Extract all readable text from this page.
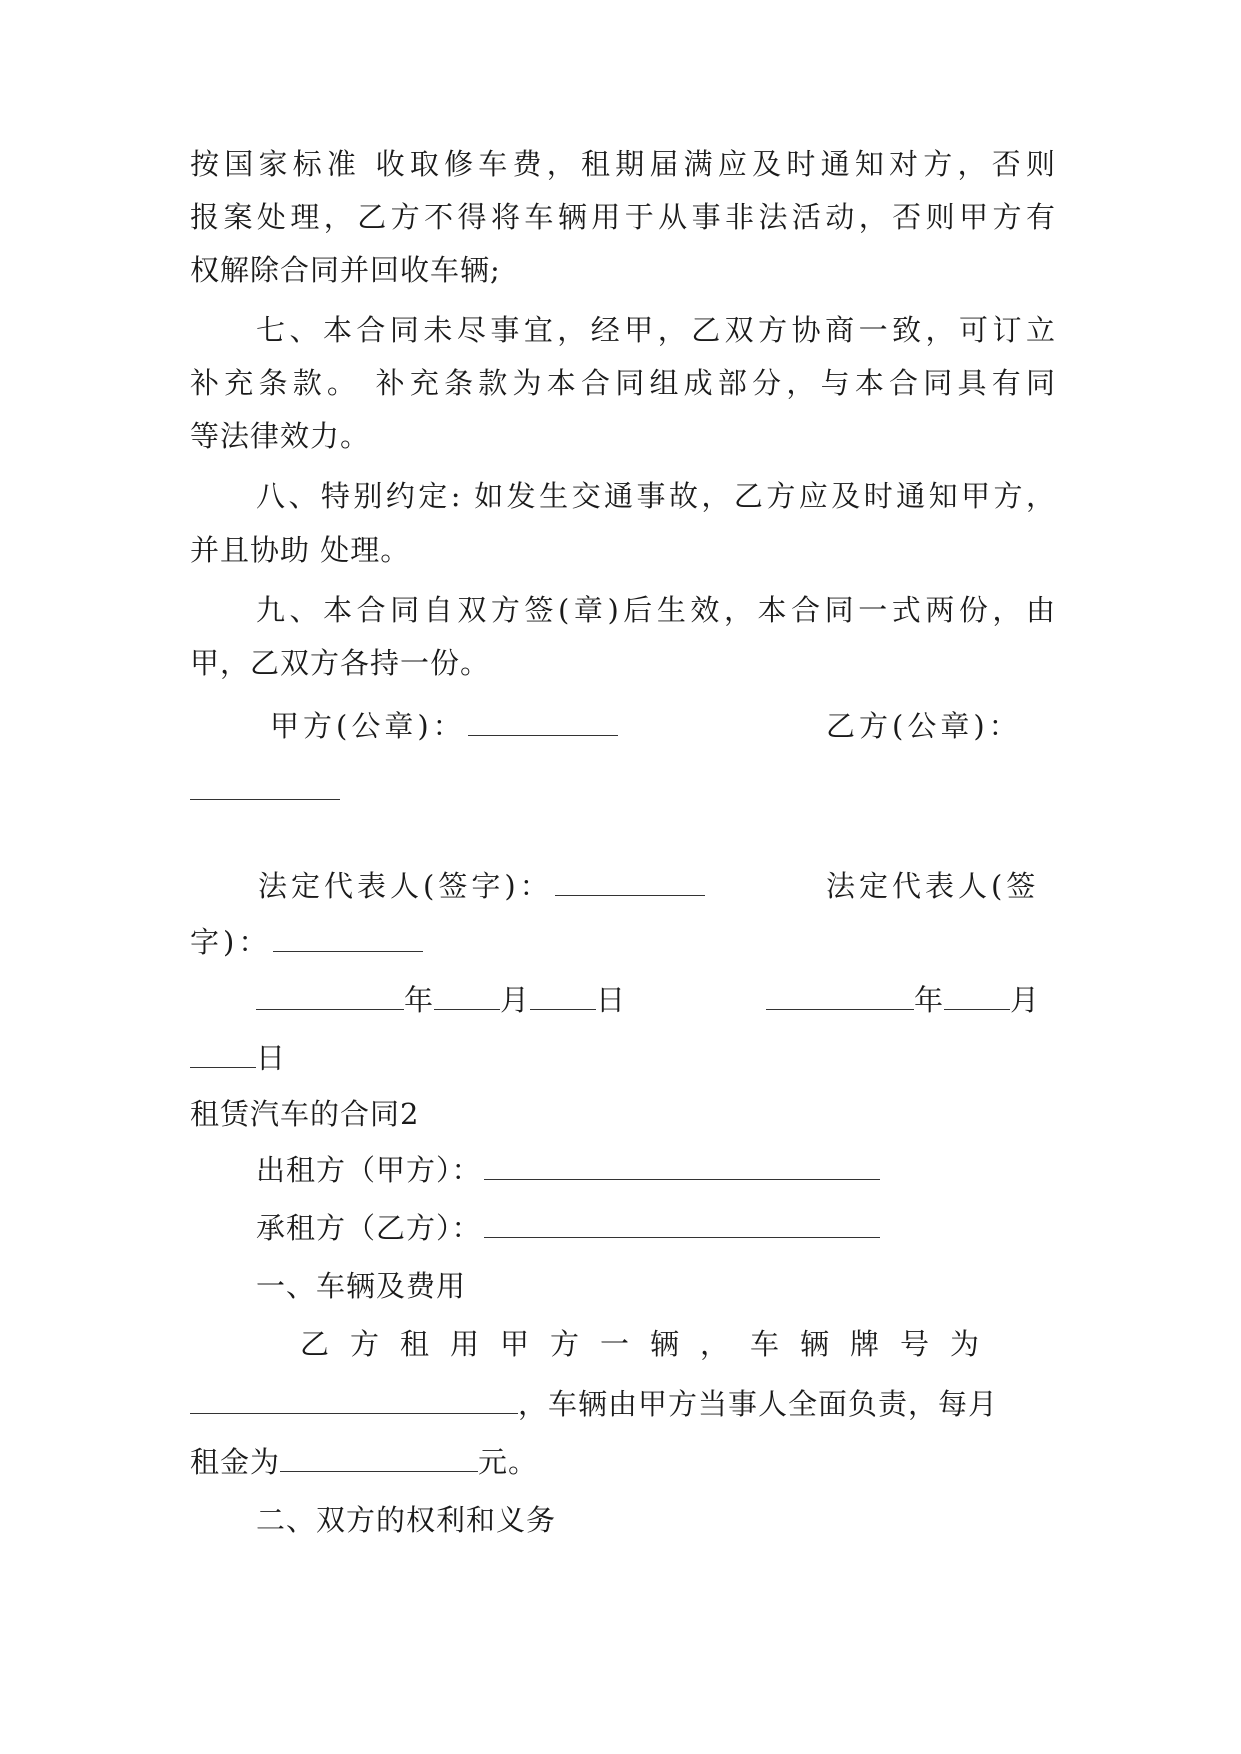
按国家标准 收取修车费，租期届满应及时通知对方，否则
报案处理，乙方不得将车辆用于从事非法活动，否则甲方有
权解除合同并回收车辆;
七、本合同未尽事宜，经甲，乙双方协商一致，可订立
补充条款。 补充条款为本合同组成部分，与本合同具有同
等法律效力。
八、特别约定: 如发生交通事故，乙方应及时通知甲方，
并且协助 处理。
九、本合同自双方签(章)后生效，本合同一式两份，由
甲，乙双方各持一份。
甲方(公章)：	乙方(公章)：
法定代表人(签字)：	法定代表人(签
字)：
年 月 日	年 月
日
租赁汽车的合同2
出租方（甲方）：
承租方（乙方）：
一、车辆及费用
乙方租用甲方一辆，车辆牌号为
，车辆由甲方当事人全面负责，每月
租金为	元。
二、双方的权利和义务
